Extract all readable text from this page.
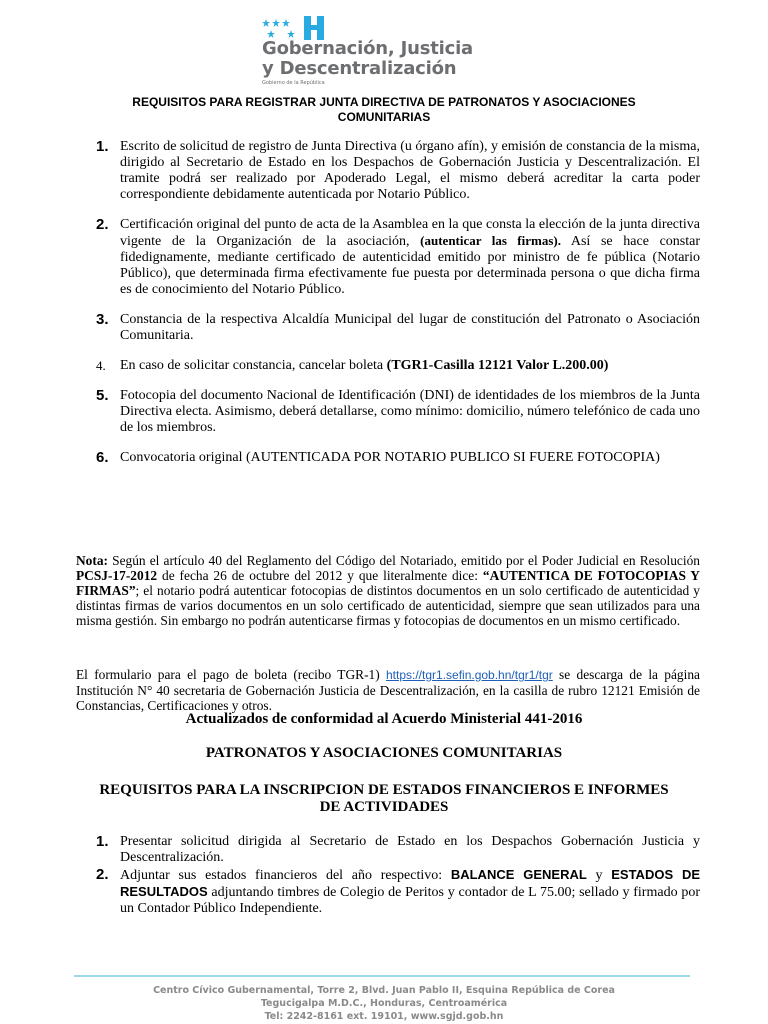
Gobernación, Justicia
y Descentralización
Gobierno de la República
REQUISITOS PARA REGISTRAR JUNTA DIRECTIVA DE PATRONATOS Y ASOCIACIONES COMUNITARIAS
1. Escrito de solicitud de registro de Junta Directiva (u órgano afín), y emisión de constancia de la misma, dirigido al Secretario de Estado en los Despachos de Gobernación Justicia y Descentralización. El tramite podrá ser realizado por Apoderado Legal, el mismo deberá acreditar la carta poder correspondiente debidamente autenticada por Notario Público.
2. Certificación original del punto de acta de la Asamblea en la que consta la elección de la junta directiva vigente de la Organización de la asociación, (autenticar las firmas). Así se hace constar fidedignamente, mediante certificado de autenticidad emitido por ministro de fe pública (Notario Público), que determinada firma efectivamente fue puesta por determinada persona o que dicha firma es de conocimiento del Notario Público.
3. Constancia de la respectiva Alcaldía Municipal del lugar de constitución del Patronato o Asociación Comunitaria.
4. En caso de solicitar constancia, cancelar boleta (TGR1-Casilla 12121 Valor L.200.00)
5. Fotocopia del documento Nacional de Identificación (DNI) de identidades de los miembros de la Junta Directiva electa. Asimismo, deberá detallarse, como mínimo: domicilio, número telefónico de cada uno de los miembros.
6. Convocatoria original (AUTENTICADA POR NOTARIO PUBLICO SI FUERE FOTOCOPIA)
Nota: Según el artículo 40 del Reglamento del Código del Notariado, emitido por el Poder Judicial en Resolución PCSJ-17-2012 de fecha 26 de octubre del 2012 y que literalmente dice: “AUTENTICA DE FOTOCOPIAS Y FIRMAS”; el notario podrá autenticar fotocopias de distintos documentos en un solo certificado de autenticidad y distintas firmas de varios documentos en un solo certificado de autenticidad, siempre que sean utilizados para una misma gestión. Sin embargo no podrán autenticarse firmas y fotocopias de documentos en un mismo certificado.
El formulario para el pago de boleta (recibo TGR-1) https://tgr1.sefin.gob.hn/tgr1/tgr se descarga de la página Institución N° 40 secretaria de Gobernación Justicia de Descentralización, en la casilla de rubro 12121 Emisión de Constancias, Certificaciones y otros.
Actualizados de conformidad al Acuerdo Ministerial 441-2016
PATRONATOS Y ASOCIACIONES COMUNITARIAS
REQUISITOS PARA LA INSCRIPCION DE ESTADOS FINANCIEROS E INFORMES DE ACTIVIDADES
1. Presentar solicitud dirigida al Secretario de Estado en los Despachos Gobernación Justicia y Descentralización.
2. Adjuntar sus estados financieros del año respectivo: BALANCE GENERAL y ESTADOS DE RESULTADOS adjuntando timbres de Colegio de Peritos y contador de L 75.00; sellado y firmado por un Contador Público Independiente.
Centro Cívico Gubernamental, Torre 2, Blvd. Juan Pablo II, Esquina República de Corea
Tegucigalpa M.D.C., Honduras, Centroamérica
Tel: 2242-8161 ext. 19101, www.sgjd.gob.hn
